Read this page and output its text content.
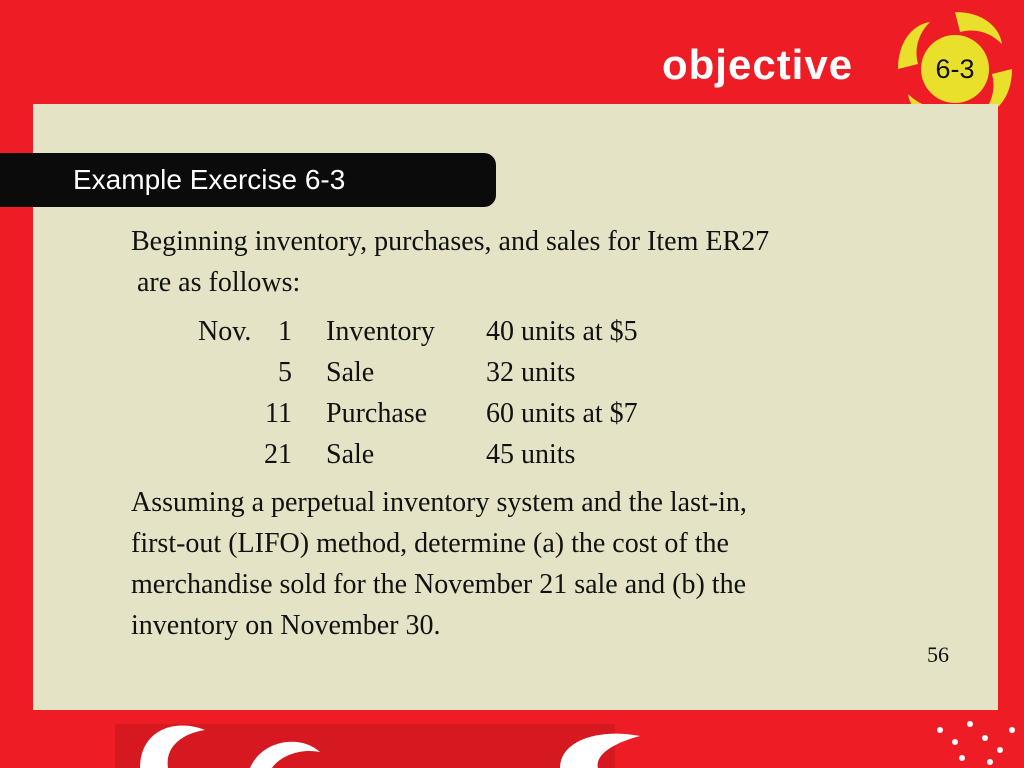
objective	6-3
Example Exercise 6-3
Beginning inventory, purchases, and sales for Item ER27
are as follows:
Nov. 1 Inventory	40 units at $5
5 Sale	32 units
11 Purchase	60 units at $7
21 Sale	45 units
Assuming a perpetual inventory system and the last-in,
first-out (LIFO) method, determine (a) the cost of the
merchandise sold for the November 21 sale and (b) the
inventory on November 30.
56
